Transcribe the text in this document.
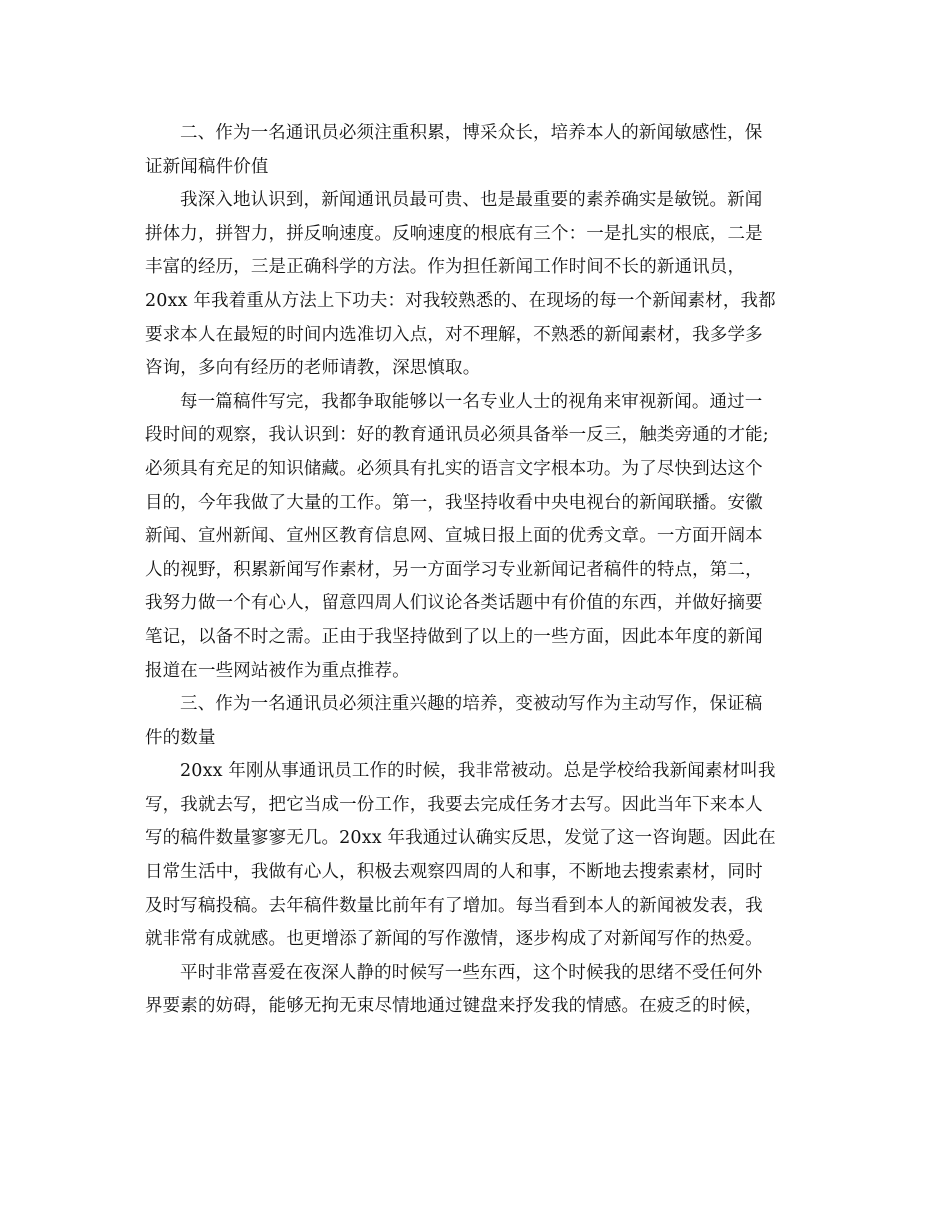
二、作为一名通讯员必须注重积累，博采众长，培养本人的新闻敏感性，保
证新闻稿件价值
我深入地认识到，新闻通讯员最可贵、也是最重要的素养确实是敏锐。新闻
拼体力，拼智力，拼反响速度。反响速度的根底有三个：一是扎实的根底，二是
丰富的经历，三是正确科学的方法。作为担任新闻工作时间不长的新通讯员，
20xx 年我着重从方法上下功夫：对我较熟悉的、在现场的每一个新闻素材，我都
要求本人在最短的时间内选准切入点，对不理解，不熟悉的新闻素材，我多学多
咨询，多向有经历的老师请教，深思慎取。
每一篇稿件写完，我都争取能够以一名专业人士的视角来审视新闻。通过一
段时间的观察，我认识到：好的教育通讯员必须具备举一反三，触类旁通的才能;
必须具有充足的知识储藏。必须具有扎实的语言文字根本功。为了尽快到达这个
目的，今年我做了大量的工作。第一，我坚持收看中央电视台的新闻联播。安徽
新闻、宣州新闻、宣州区教育信息网、宣城日报上面的优秀文章。一方面开阔本
人的视野，积累新闻写作素材，另一方面学习专业新闻记者稿件的特点，第二，
我努力做一个有心人，留意四周人们议论各类话题中有价值的东西，并做好摘要
笔记，以备不时之需。正由于我坚持做到了以上的一些方面，因此本年度的新闻
报道在一些网站被作为重点推荐。
三、作为一名通讯员必须注重兴趣的培养，变被动写作为主动写作，保证稿
件的数量
20xx 年刚从事通讯员工作的时候，我非常被动。总是学校给我新闻素材叫我
写，我就去写，把它当成一份工作，我要去完成任务才去写。因此当年下来本人
写的稿件数量寥寥无几。20xx 年我通过认确实反思，发觉了这一咨询题。因此在
日常生活中，我做有心人，积极去观察四周的人和事，不断地去搜索素材，同时
及时写稿投稿。去年稿件数量比前年有了增加。每当看到本人的新闻被发表，我
就非常有成就感。也更增添了新闻的写作激情，逐步构成了对新闻写作的热爱。
平时非常喜爱在夜深人静的时候写一些东西，这个时候我的思绪不受任何外
界要素的妨碍，能够无拘无束尽情地通过键盘来抒发我的情感。在疲乏的时候，
